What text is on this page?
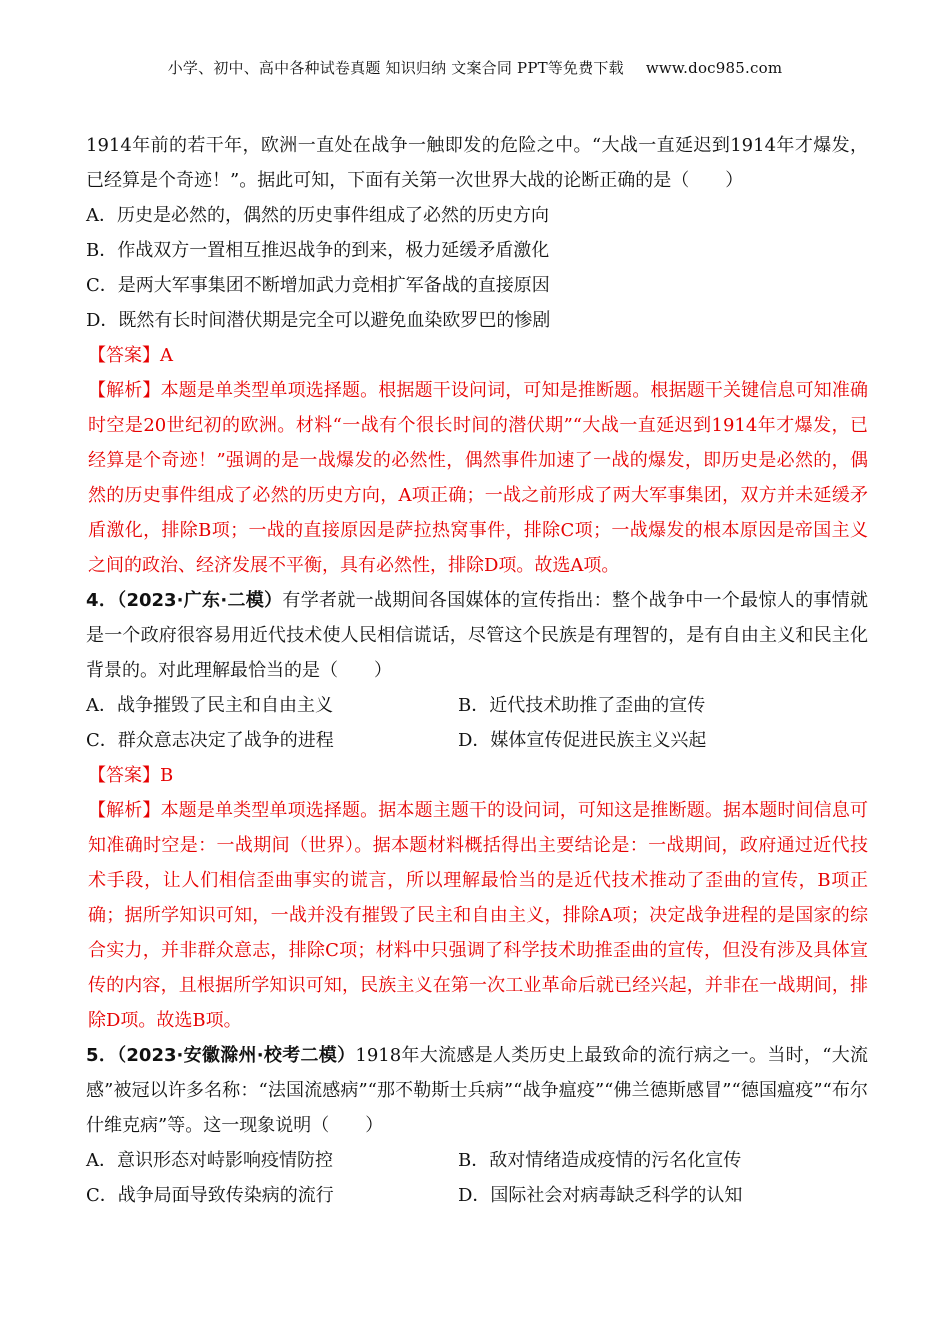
小学、初中、高中各种试卷真题 知识归纳 文案合同 PPT等免费下载 www.doc985.com

1914年前的若干年，欧洲一直处在战争一触即发的危险之中。“大战一直延迟到1914年才爆发，已经算是个奇迹！”。据此可知，下面有关第一次世界大战的论断正确的是（　　）

A．历史是必然的，偶然的历史事件组成了必然的历史方向

B．作战双方一置相互推迟战争的到来，极力延缓矛盾激化

C．是两大军事集团不断增加武力竞相扩军备战的直接原因

D．既然有长时间潜伏期是完全可以避免血染欧罗巴的惨剧

【答案】A

【解析】本题是单类型单项选择题。根据题干设问词，可知是推断题。根据题干关键信息可知准确时空是20世纪初的欧洲。材料“一战有个很长时间的潜伏期”“大战一直延迟到1914年才爆发，已经算是个奇迹！”强调的是一战爆发的必然性，偶然事件加速了一战的爆发，即历史是必然的，偶然的历史事件组成了必然的历史方向，A项正确；一战之前形成了两大军事集团，双方并未延缓矛盾激化，排除B项；一战的直接原因是萨拉热窝事件，排除C项；一战爆发的根本原因是帝国主义之间的政治、经济发展不平衡，具有必然性，排除D项。故选A项。

4．（2023·广东·二模）有学者就一战期间各国媒体的宣传指出：整个战争中一个最惊人的事情就是一个政府很容易用近代技术使人民相信谎话，尽管这个民族是有理智的，是有自由主义和民主化背景的。对此理解最恰当的是（　　）

A．战争摧毁了民主和自由主义	B．近代技术助推了歪曲的宣传
C．群众意志决定了战争的进程	D．媒体宣传促进民族主义兴起

【答案】B

【解析】本题是单类型单项选择题。据本题主题干的设问词，可知这是推断题。据本题时间信息可知准确时空是：一战期间（世界）。据本题材料概括得出主要结论是：一战期间，政府通过近代技术手段，让人们相信歪曲事实的谎言，所以理解最恰当的是近代技术推动了歪曲的宣传，B项正确；据所学知识可知，一战并没有摧毁了民主和自由主义，排除A项；决定战争进程的是国家的综合实力，并非群众意志，排除C项；材料中只强调了科学技术助推歪曲的宣传，但没有涉及具体宣传的内容，且根据所学知识可知，民族主义在第一次工业革命后就已经兴起，并非在一战期间，排除D项。故选B项。

5．（2023·安徽滁州·校考二模）1918年大流感是人类历史上最致命的流行病之一。当时，“大流感”被冠以许多名称：“法国流感病”“那不勒斯士兵病”“战争瘟疫”“佛兰德斯感冒”“德国瘟疫”“布尔什维克病”等。这一现象说明（　　）

A．意识形态对峙影响疫情防控	B．敌对情绪造成疫情的污名化宣传
C．战争局面导致传染病的流行	D．国际社会对病毒缺乏科学的认知
